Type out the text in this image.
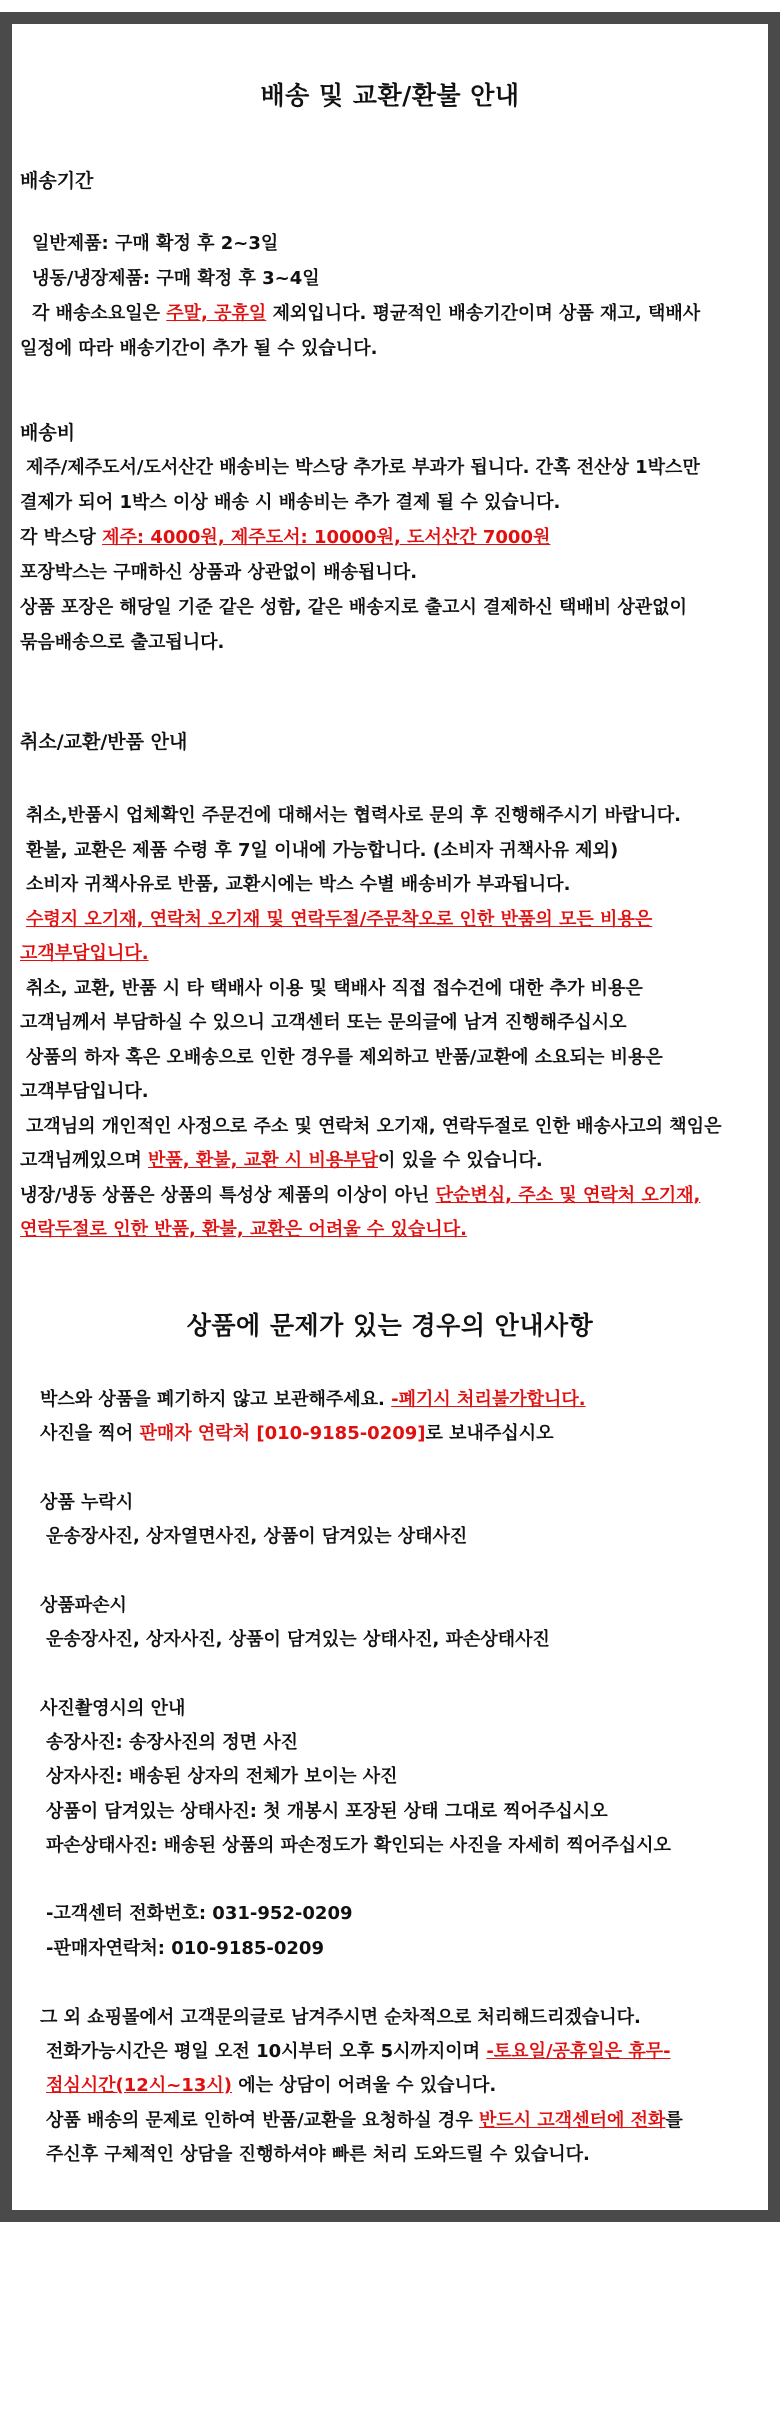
배송 및 교환/환불 안내
배송기간
일반제품: 구매 확정 후 2~3일
냉동/냉장제품: 구매 확정 후 3~4일
각 배송소요일은 주말, 공휴일 제외입니다. 평균적인 배송기간이며 상품 재고, 택배사
일정에 따라 배송기간이 추가 될 수 있습니다.
배송비
제주/제주도서/도서산간 배송비는 박스당 추가로 부과가 됩니다. 간혹 전산상 1박스만
결제가 되어 1박스 이상 배송 시 배송비는 추가 결제 될 수 있습니다.
각 박스당 제주: 4000원, 제주도서: 10000원, 도서산간 7000원
포장박스는 구매하신 상품과 상관없이 배송됩니다.
상품 포장은 해당일 기준 같은 성함, 같은 배송지로 출고시 결제하신 택배비 상관없이
묶음배송으로 출고됩니다.
취소/교환/반품 안내
취소,반품시 업체확인 주문건에 대해서는 협력사로 문의 후 진행해주시기 바랍니다.
환불, 교환은 제품 수령 후 7일 이내에 가능합니다. (소비자 귀책사유 제외)
소비자 귀책사유로 반품, 교환시에는 박스 수별 배송비가 부과됩니다.
수령지 오기재, 연락처 오기재 및 연락두절/주문착오로 인한 반품의 모든 비용은
고객부담입니다.
취소, 교환, 반품 시 타 택배사 이용 및 택배사 직접 접수건에 대한 추가 비용은
고객님께서 부담하실 수 있으니 고객센터 또는 문의글에 남겨 진행해주십시오
상품의 하자 혹은 오배송으로 인한 경우를 제외하고 반품/교환에 소요되는 비용은
고객부담입니다.
고객님의 개인적인 사정으로 주소 및 연락처 오기재, 연락두절로 인한 배송사고의 책임은
고객님께있으며 반품, 환불, 교환 시 비용부담이 있을 수 있습니다.
냉장/냉동 상품은 상품의 특성상 제품의 이상이 아닌 단순변심, 주소 및 연락처 오기재,
연락두절로 인한 반품, 환불, 교환은 어려울 수 있습니다.
상품에 문제가 있는 경우의 안내사항
박스와 상품을 폐기하지 않고 보관해주세요. -폐기시 처리불가합니다.
사진을 찍어 판매자 연락처 [010-9185-0209]로 보내주십시오
상품 누락시
운송장사진, 상자열면사진, 상품이 담겨있는 상태사진
상품파손시
운송장사진, 상자사진, 상품이 담겨있는 상태사진, 파손상태사진
사진촬영시의 안내
송장사진: 송장사진의 정면 사진
상자사진: 배송된 상자의 전체가 보이는 사진
상품이 담겨있는 상태사진: 첫 개봉시 포장된 상태 그대로 찍어주십시오
파손상태사진: 배송된 상품의 파손정도가 확인되는 사진을 자세히 찍어주십시오
-고객센터 전화번호: 031-952-0209
-판매자연락처: 010-9185-0209
그 외 쇼핑몰에서 고객문의글로 남겨주시면 순차적으로 처리해드리겠습니다.
전화가능시간은 평일 오전 10시부터 오후 5시까지이며 -토요일/공휴일은 휴무-
점심시간(12시~13시) 에는 상담이 어려울 수 있습니다.
상품 배송의 문제로 인하여 반품/교환을 요청하실 경우 반드시 고객센터에 전화를
주신후 구체적인 상담을 진행하셔야 빠른 처리 도와드릴 수 있습니다.
